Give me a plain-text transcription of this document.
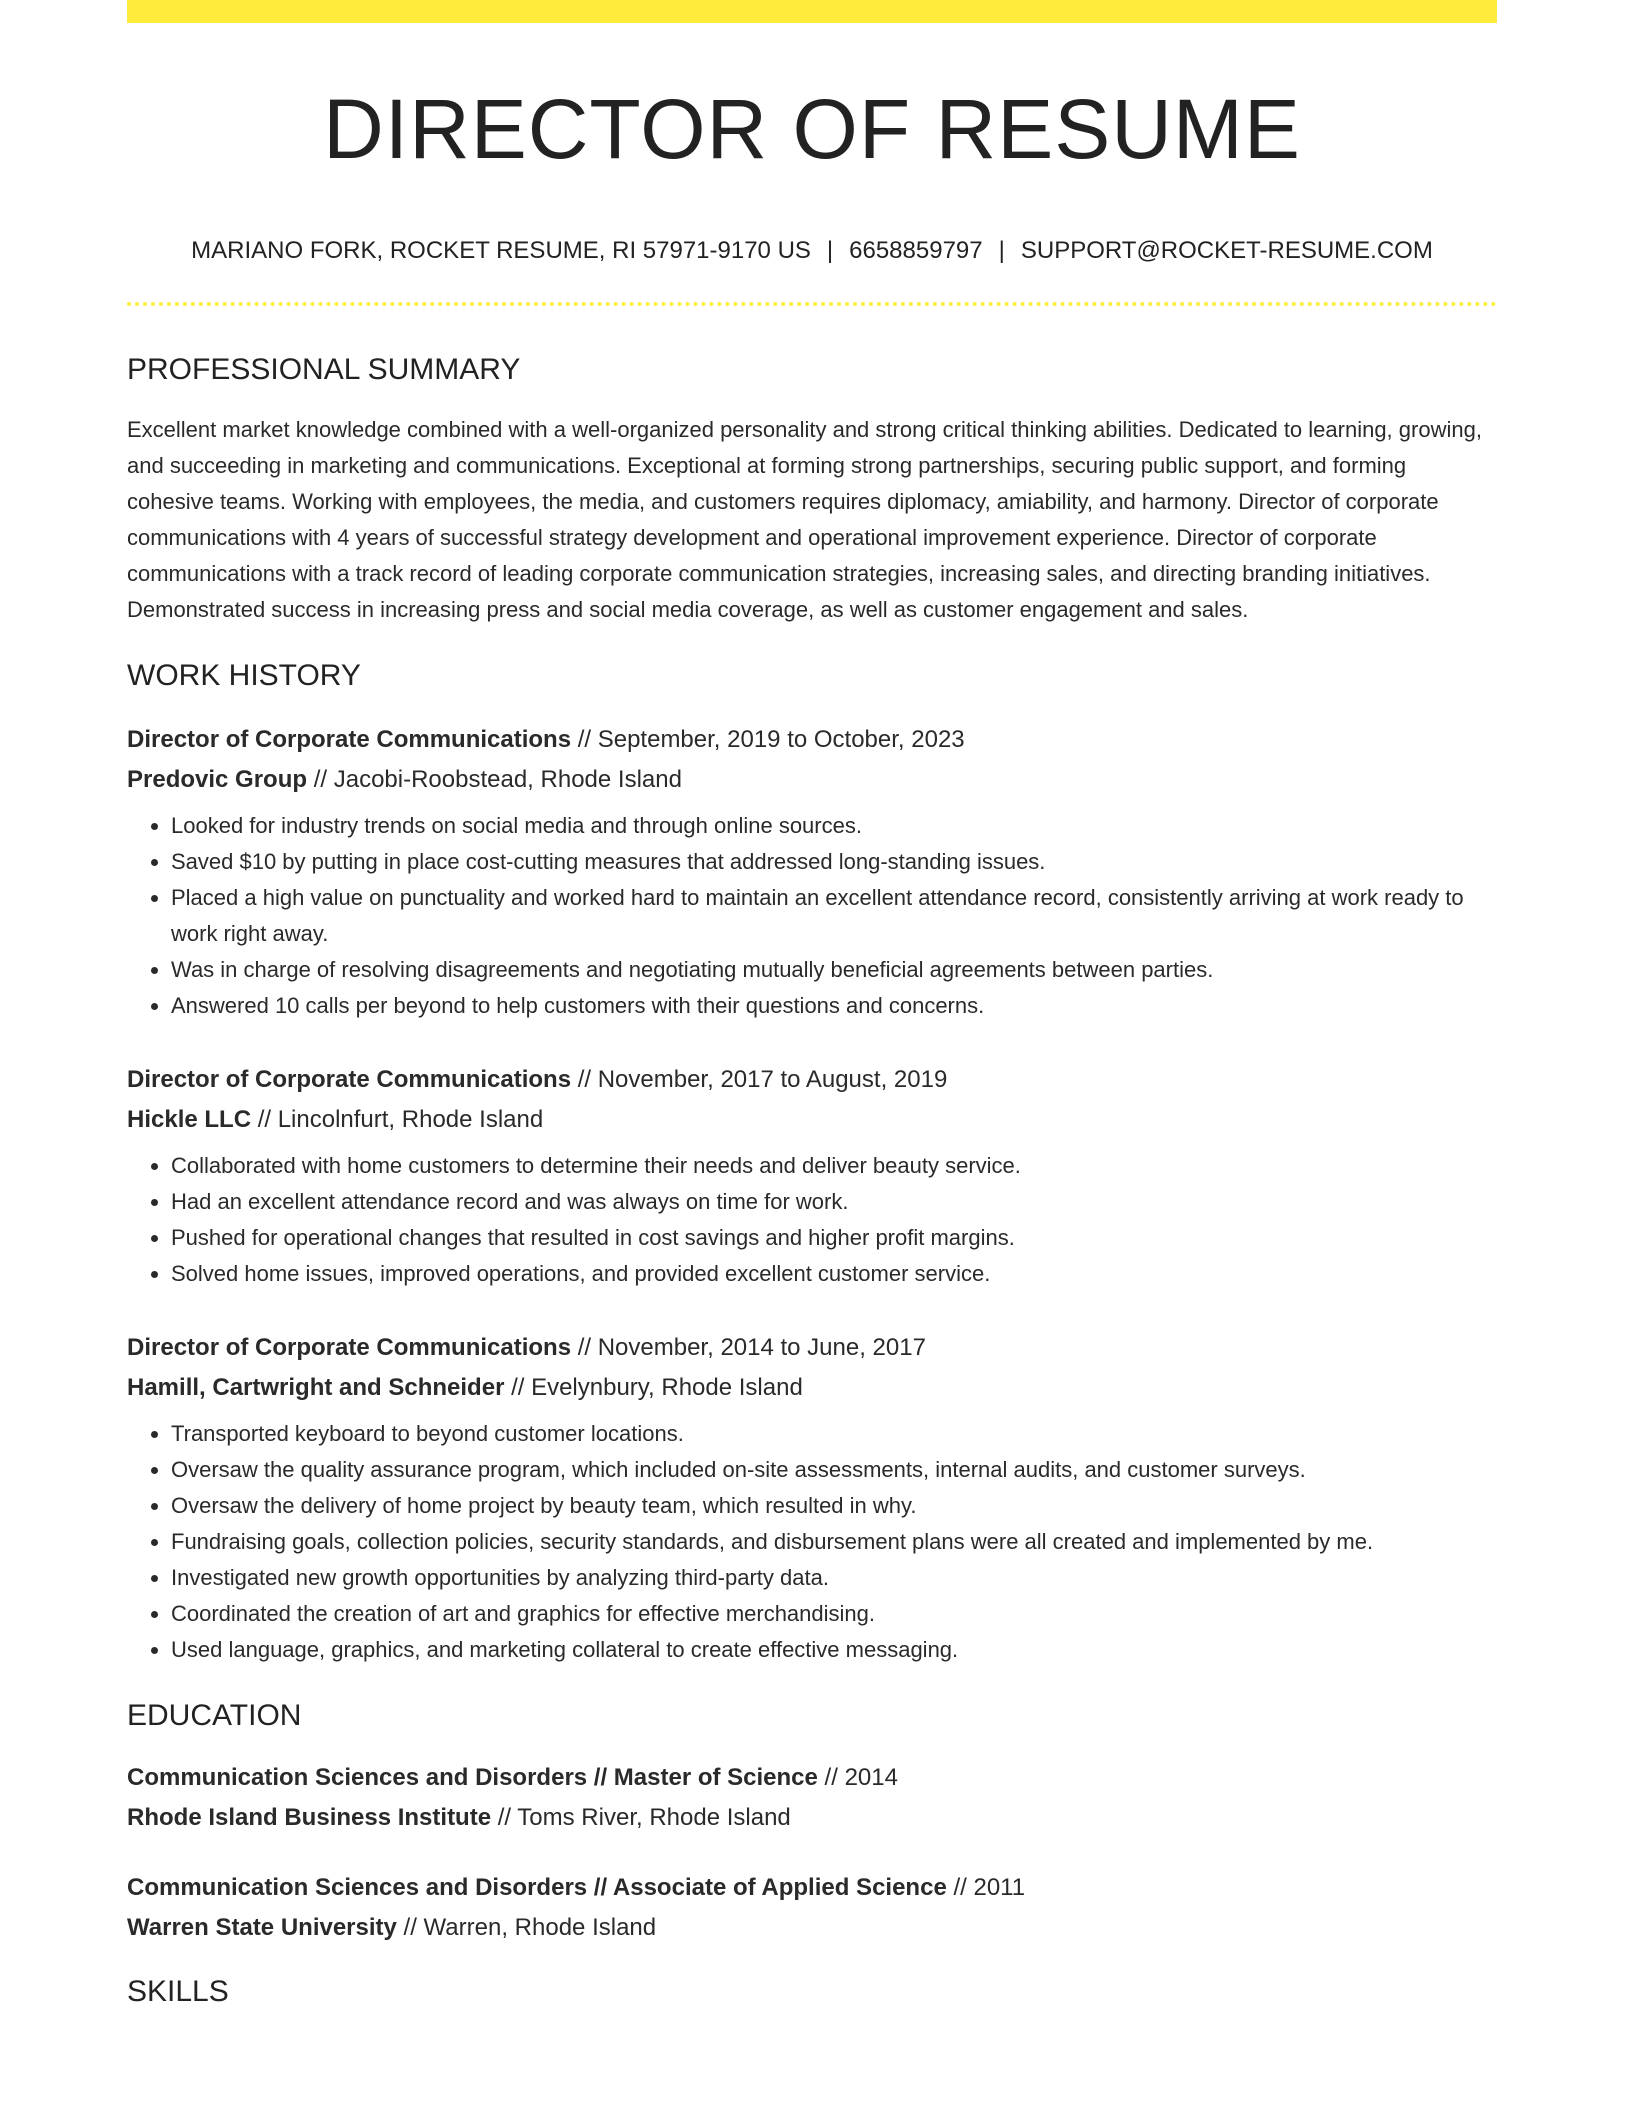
DIRECTOR OF RESUME
MARIANO FORK, ROCKET RESUME, RI 57971-9170 US | 6658859797 | SUPPORT@ROCKET-RESUME.COM
PROFESSIONAL SUMMARY

Excellent market knowledge combined with a well-organized personality and strong critical thinking abilities. Dedicated to learning, growing, and succeeding in marketing and communications. Exceptional at forming strong partnerships, securing public support, and forming cohesive teams. Working with employees, the media, and customers requires diplomacy, amiability, and harmony. Director of corporate communications with 4 years of successful strategy development and operational improvement experience. Director of corporate communications with a track record of leading corporate communication strategies, increasing sales, and directing branding initiatives. Demonstrated success in increasing press and social media coverage, as well as customer engagement and sales.

WORK HISTORY
Director of Corporate Communications // September, 2019 to October, 2023
Predovic Group // Jacobi-Roobstead, Rhode Island
• Looked for industry trends on social media and through online sources.
• Saved $10 by putting in place cost-cutting measures that addressed long-standing issues.
• Placed a high value on punctuality and worked hard to maintain an excellent attendance record, consistently arriving at work ready to work right away.
• Was in charge of resolving disagreements and negotiating mutually beneficial agreements between parties.
• Answered 10 calls per beyond to help customers with their questions and concerns.
Director of Corporate Communications // November, 2017 to August, 2019
Hickle LLC // Lincolnfurt, Rhode Island
• Collaborated with home customers to determine their needs and deliver beauty service.
• Had an excellent attendance record and was always on time for work.
• Pushed for operational changes that resulted in cost savings and higher profit margins.
• Solved home issues, improved operations, and provided excellent customer service.
Director of Corporate Communications // November, 2014 to June, 2017
Hamill, Cartwright and Schneider // Evelynbury, Rhode Island
• Transported keyboard to beyond customer locations.
• Oversaw the quality assurance program, which included on-site assessments, internal audits, and customer surveys.
• Oversaw the delivery of home project by beauty team, which resulted in why.
• Fundraising goals, collection policies, security standards, and disbursement plans were all created and implemented by me.
• Investigated new growth opportunities by analyzing third-party data.
• Coordinated the creation of art and graphics for effective merchandising.
• Used language, graphics, and marketing collateral to create effective messaging.
EDUCATION
Communication Sciences and Disorders // Master of Science // 2014
Rhode Island Business Institute // Toms River, Rhode Island
Communication Sciences and Disorders // Associate of Applied Science // 2011
Warren State University // Warren, Rhode Island
SKILLS
